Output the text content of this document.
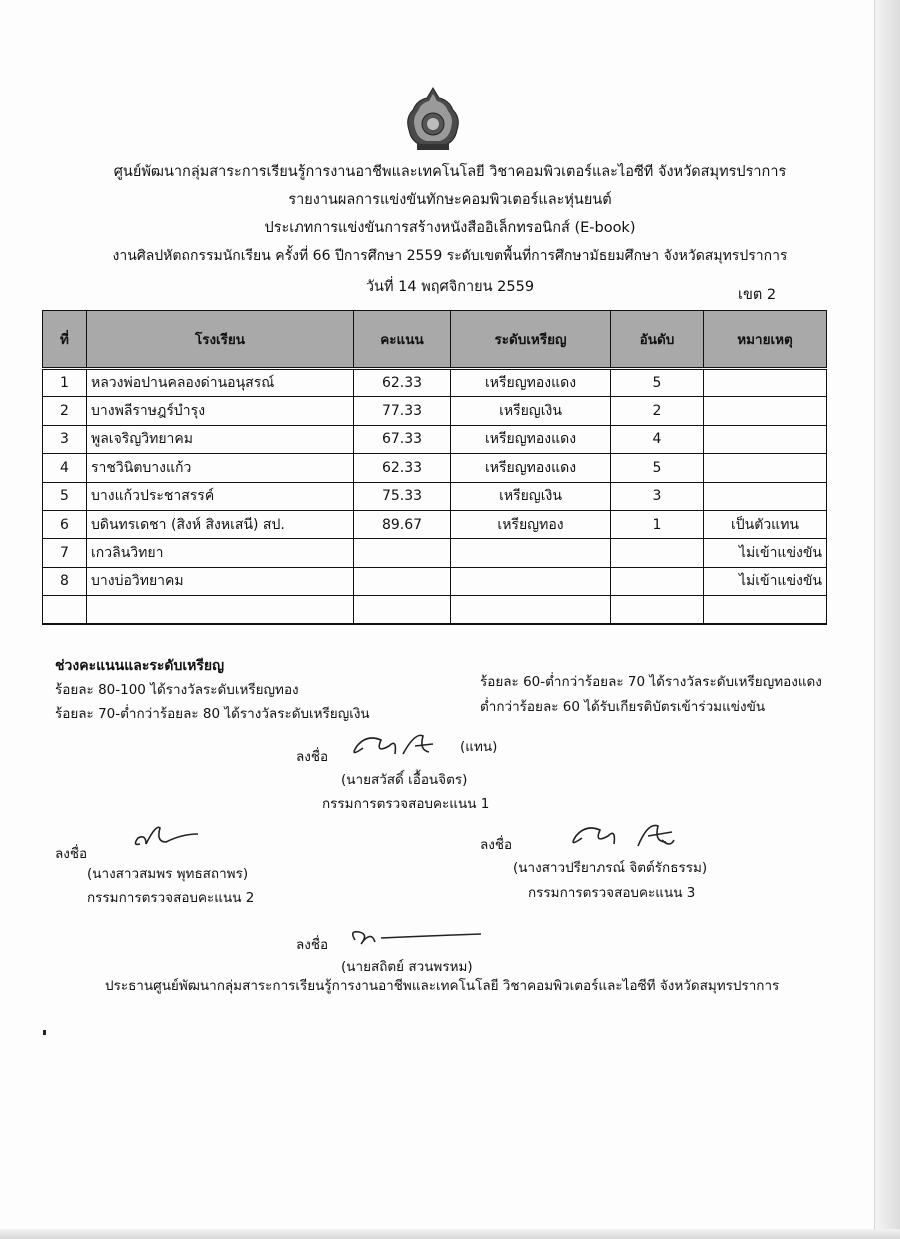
ศูนย์พัฒนากลุ่มสาระการเรียนรู้การงานอาชีพและเทคโนโลยี วิชาคอมพิวเตอร์และไอซีที จังหวัดสมุทรปราการ
รายงานผลการแข่งขันทักษะคอมพิวเตอร์และหุ่นยนต์
ประเภทการแข่งขันการสร้างหนังสืออิเล็กทรอนิกส์ (E-book)
งานศิลปหัตถกรรมนักเรียน ครั้งที่ 66 ปีการศึกษา 2559 ระดับเขตพื้นที่การศึกษามัธยมศึกษา จังหวัดสมุทรปราการ
วันที่ 14 พฤศจิกายน 2559	เขต 2
ที่	โรงเรียน	คะแนน	ระดับเหรียญ	อันดับ	หมายเหตุ
1	หลวงพ่อปานคลองด่านอนุสรณ์	62.33	เหรียญทองแดง	5	
2	บางพลีราษฎร์บำรุง	77.33	เหรียญเงิน	2	
3	พูลเจริญวิทยาคม	67.33	เหรียญทองแดง	4	
4	ราชวินิตบางแก้ว	62.33	เหรียญทองแดง	5	
5	บางแก้วประชาสรรค์	75.33	เหรียญเงิน	3	
6	บดินทรเดชา (สิงห์ สิงหเสนี) สป.	89.67	เหรียญทอง	1	เป็นตัวแทน
7	เกวลินวิทยา				ไม่เข้าแข่งขัน
8	บางบ่อวิทยาคม				ไม่เข้าแข่งขัน

ช่วงคะแนนและระดับเหรียญ
ร้อยละ 80-100 ได้รางวัลระดับเหรียญทอง
ร้อยละ 70-ต่ำกว่าร้อยละ 80 ได้รางวัลระดับเหรียญเงิน
ร้อยละ 60-ต่ำกว่าร้อยละ 70 ได้รางวัลระดับเหรียญทองแดง
ต่ำกว่าร้อยละ 60 ได้รับเกียรติบัตรเข้าร่วมแข่งขัน
ลงชื่อ
(แทน)
(นายสวัสดิ์ เอื้อนจิตร)
กรรมการตรวจสอบคะแนน 1
ลงชื่อ
(นางสาวสมพร พุทธสถาพร)
กรรมการตรวจสอบคะแนน 2
ลงชื่อ
(นางสาวปรียาภรณ์ จิตต์รักธรรม)
กรรมการตรวจสอบคะแนน 3
ลงชื่อ
(นายสถิตย์ สวนพรหม)
ประธานศูนย์พัฒนากลุ่มสาระการเรียนรู้การงานอาชีพและเทคโนโลยี วิชาคอมพิวเตอร์และไอซีที จังหวัดสมุทรปราการ
